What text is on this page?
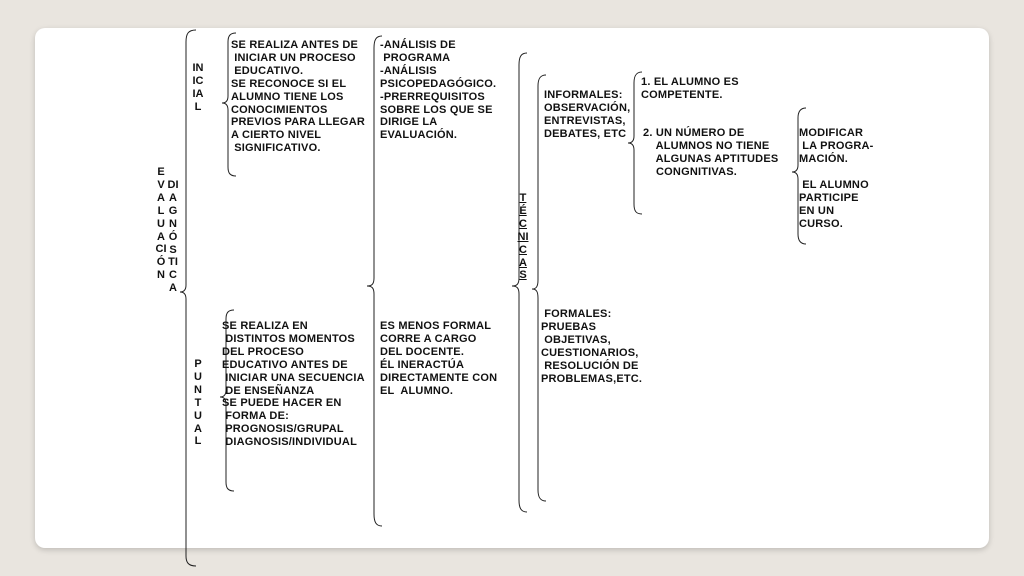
EVALUACIÓN
DIAGNÓSTICA
INICIAL

SE REALIZA ANTES DE
INICIAR UN PROCESO
EDUCATIVO.
SE RECONOCE SI EL
ALUMNO TIENE LOS
CONOCIMIENTOS
PREVIOS PARA LLEGAR
A CIERTO NIVEL
SIGNIFICATIVO.

-ANÁLISIS DE
PROGRAMA
-ANÁLISIS
PSICOPEDAGÓGICO.
-PRERREQUISITOS
SOBRE LOS QUE SE
DIRIGE LA
EVALUACIÓN.

PUNTUAL

SE REALIZA EN
DISTINTOS MOMENTOS
DEL PROCESO
EDUCATIVO ANTES DE
INICIAR UNA SECUENCIA
DE ENSEÑANZA
SE PUEDE HACER EN
FORMA DE:
PROGNOSIS/GRUPAL
DIAGNOSIS/INDIVIDUAL

ES MENOS FORMAL
CORRE A CARGO
DEL DOCENTE.
ÉL INERACTÚA
DIRECTAMENTE CON
EL  ALUMNO.

TÉCNICAS

INFORMALES:
OBSERVACIÓN,
ENTREVISTAS,
DEBATES, ETC

FORMALES:
PRUEBAS
OBJETIVAS,
CUESTIONARIOS,
RESOLUCIÓN DE
PROBLEMAS,ETC.

1. EL ALUMNO ES
COMPETENTE.

2. UN NÚMERO DE
ALUMNOS NO TIENE
ALGUNAS APTITUDES
CONGNITIVAS.

MODIFICAR
LA PROGRA-
MACIÓN.

EL ALUMNO
PARTICIPE
EN UN
CURSO.
